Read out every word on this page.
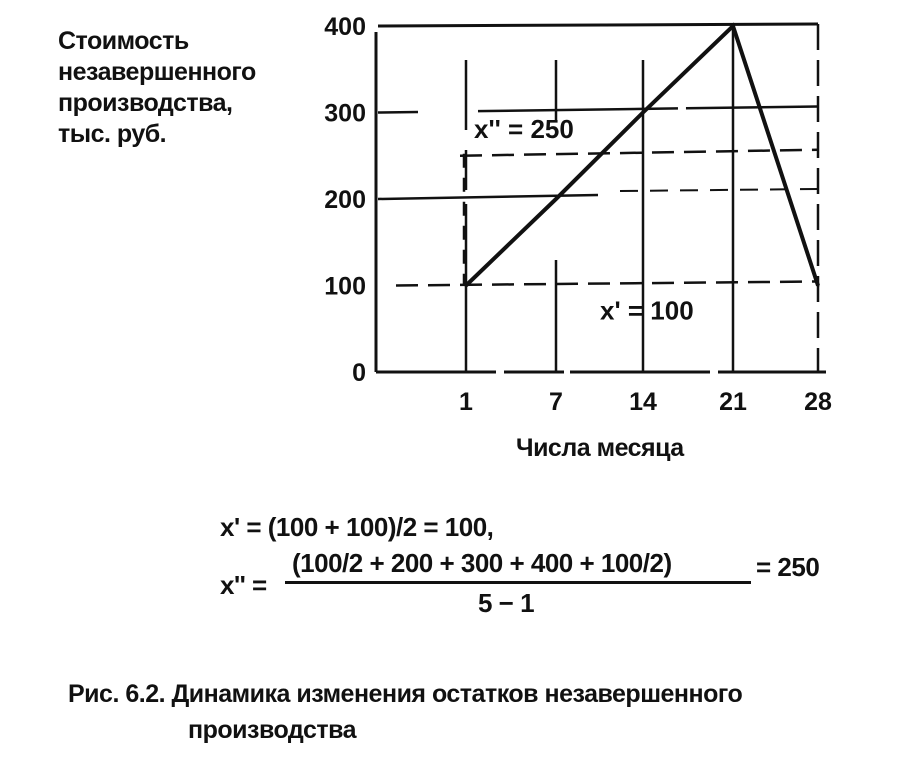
Стоимость
незавершенного
производства,
тыс. руб.
0
100
200
300
400
1	7	14 21 28
x'' = 250
x' = 100
Числа месяца
x' = (100 + 100)/2 = 100,
x'' =
(100/2 + 200 + 300 + 400 + 100/2)
5 − 1
= 250
Рис. 6.2. Динамика изменения остатков незавершенного
производства
